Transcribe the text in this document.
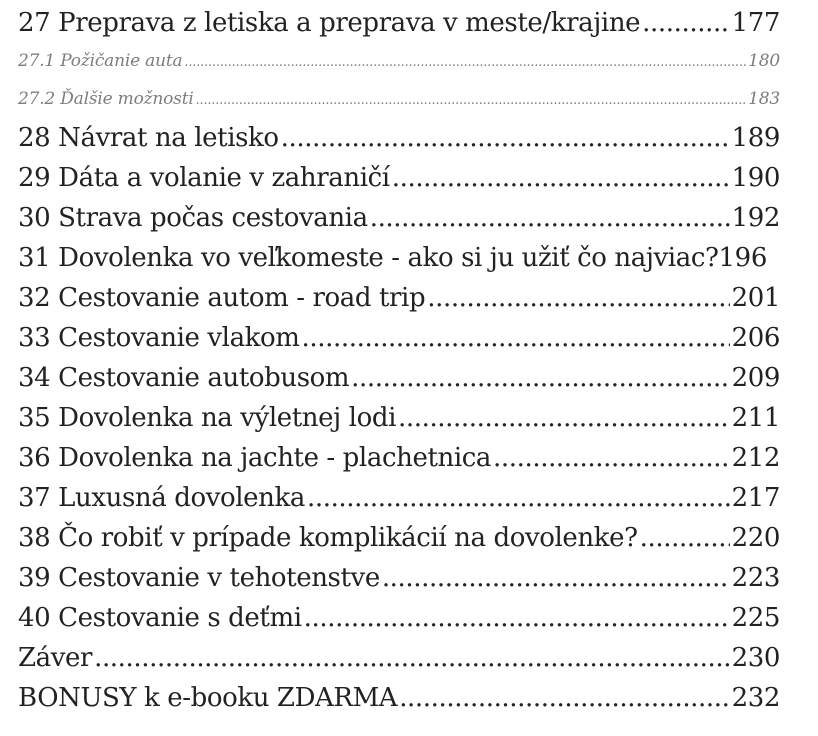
27 Preprava z letiska a preprava v meste/krajine .....	177
27.1 Požičanie auta .....	180
27.2 Ďalšie možnosti .....	183
28 Návrat na letisko .....	189
29 Dáta a volanie v zahraničí .....	190
30 Strava počas cestovania .....	192
31 Dovolenka vo veľkomeste - ako si ju užiť čo najviac? 196
32 Cestovanie autom - road trip .....	201
33 Cestovanie vlakom .....	206
34 Cestovanie autobusom .....	209
35 Dovolenka na výletnej lodi .....	211
36 Dovolenka na jachte - plachetnica .....	212
37 Luxusná dovolenka .....	217
38 Čo robiť v prípade komplikácií na dovolenke? .....	220
39 Cestovanie v tehotenstve .....	223
40 Cestovanie s deťmi .....	225
Záver .....	230
BONUSY k e-booku ZDARMA .....	232
